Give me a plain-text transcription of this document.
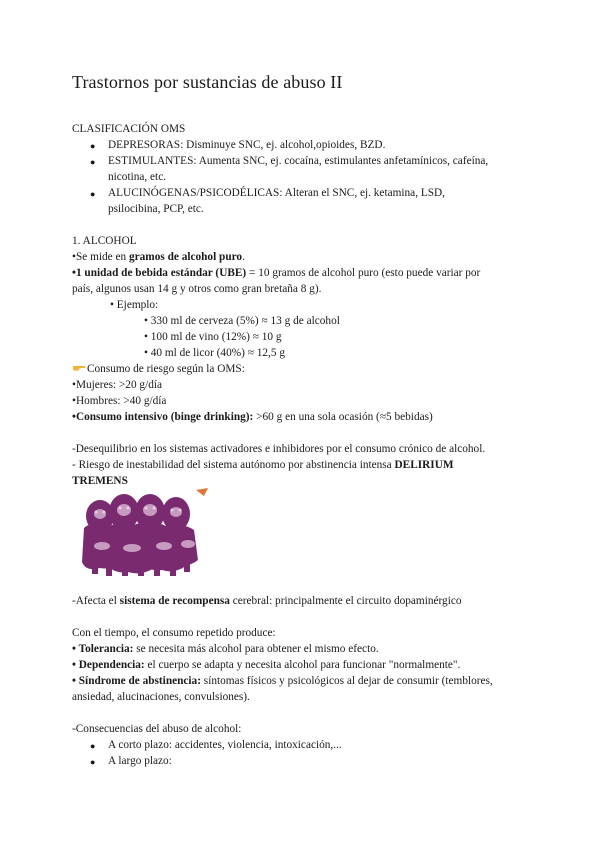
Trastornos por sustancias de abuso II
CLASIFICACIÓN OMS
● DEPRESORAS: Disminuye SNC, ej. alcohol,opioides, BZD.
● ESTIMULANTES: Aumenta SNC, ej. cocaína, estimulantes anfetamínicos, cafeína,
nicotina, etc.
● ALUCINÓGENAS/PSICODÉLICAS: Alteran el SNC, ej. ketamina, LSD,
psilocibina, PCP, etc.
1. ALCOHOL
•Se mide en gramos de alcohol puro.
•1 unidad de bebida estándar (UBE) = 10 gramos de alcohol puro (esto puede variar por
país, algunos usan 14 g y otros como gran bretaña 8 g).
• Ejemplo:
• 330 ml de cerveza (5%) ≈ 13 g de alcohol
• 100 ml de vino (12%) ≈ 10 g
• 40 ml de licor (40%) ≈ 12,5 g
Consumo de riesgo según la OMS:
•Mujeres: >20 g/día
•Hombres: >40 g/día
•Consumo intensivo (binge drinking): >60 g en una sola ocasión (≈5 bebidas)
-Desequilibrio en los sistemas activadores e inhibidores por el consumo crónico de alcohol.
- Riesgo de inestabilidad del sistema autónomo por abstinencia intensa DELIRIUM
TREMENS
-Afecta el sistema de recompensa cerebral: principalmente el circuito dopaminérgico
Con el tiempo, el consumo repetido produce:
• Tolerancia: se necesita más alcohol para obtener el mismo efecto.
• Dependencia: el cuerpo se adapta y necesita alcohol para funcionar "normalmente".
• Síndrome de abstinencia: síntomas físicos y psicológicos al dejar de consumir (temblores,
ansiedad, alucinaciones, convulsiones).
-Consecuencias del abuso de alcohol:
● A corto plazo: accidentes, violencia, intoxicación,...
● A largo plazo:
